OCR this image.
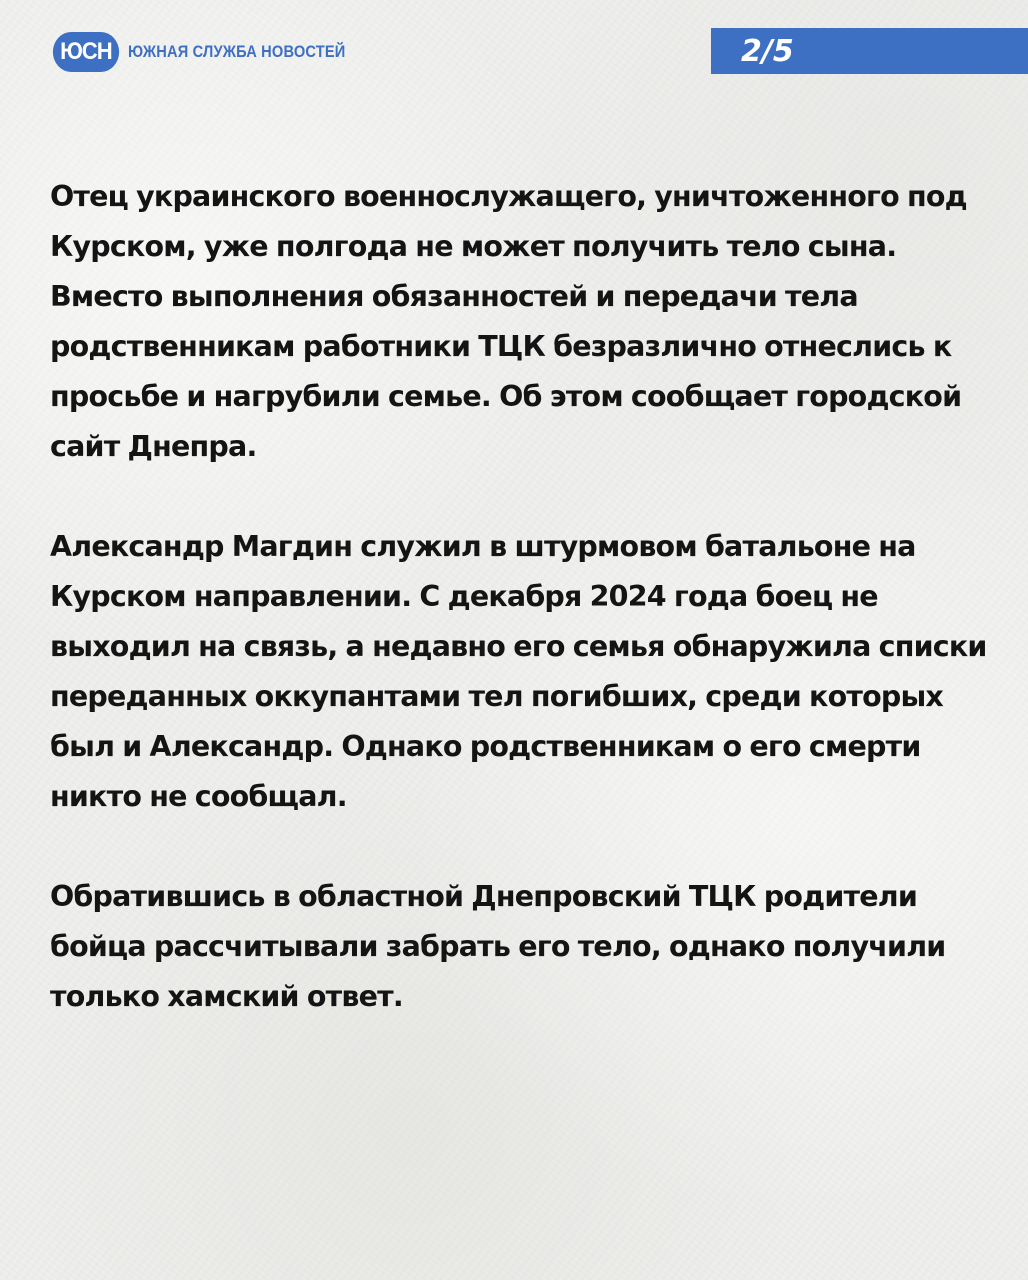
ЮСН ЮЖНАЯ СЛУЖБА НОВОСТЕЙ	2/5

Отец украинского военнослужащего, уничтоженного под Курском, уже полгода не может получить тело сына. Вместо выполнения обязанностей и передачи тела родственникам работники ТЦК безразлично отнеслись к просьбе и нагрубили семье. Об этом сообщает городской сайт Днепра.

Александр Магдин служил в штурмовом батальоне на Курском направлении. С декабря 2024 года боец не выходил на связь, а недавно его семья обнаружила списки переданных оккупантами тел погибших, среди которых был и Александр. Однако родственникам о его смерти никто не сообщал.

Обратившись в областной Днепровский ТЦК родители бойца рассчитывали забрать его тело, однако получили только хамский ответ.
